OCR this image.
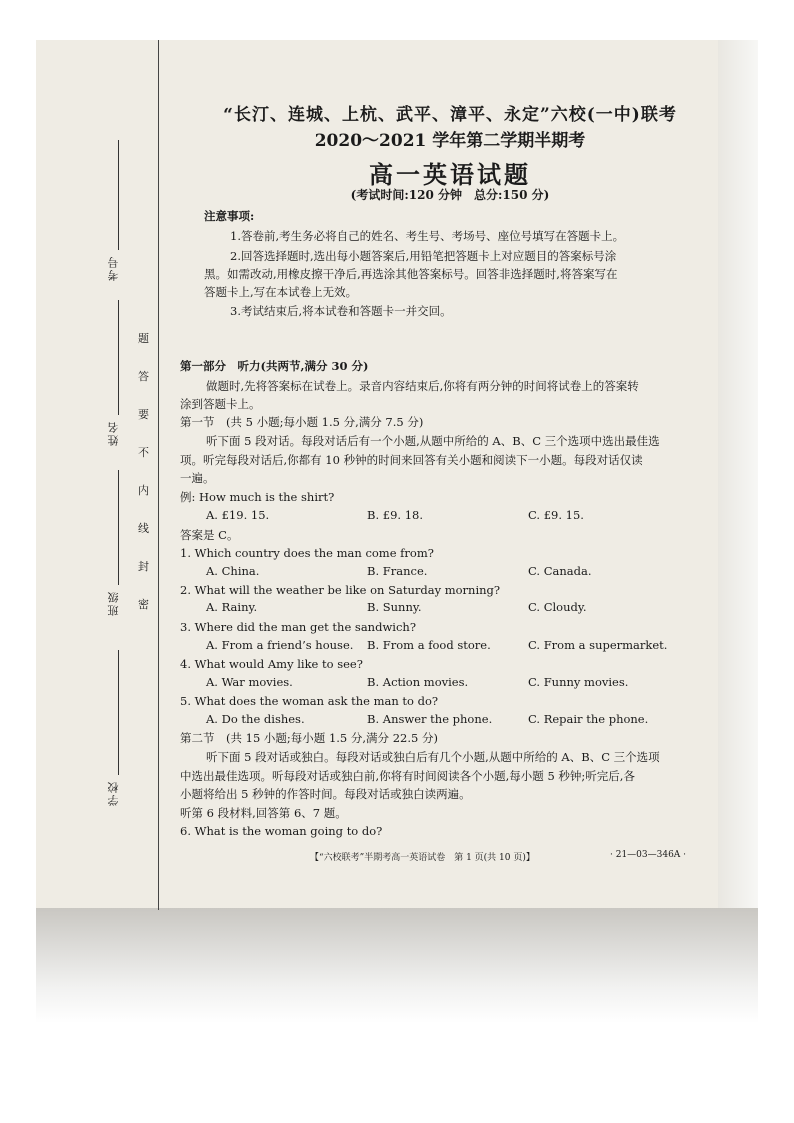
考号
姓名
班级
学校
题
答
要
不
内
线
封
密
“长汀、连城、上杭、武平、漳平、永定”六校(一中)联考
2020～2021 学年第二学期半期考
高一英语试题
(考试时间:120 分钟　总分:150 分)
注意事项:
1.答卷前,考生务必将自己的姓名、考生号、考场号、座位号填写在答题卡上。
2.回答选择题时,选出每小题答案后,用铅笔把答题卡上对应题目的答案标号涂
黑。如需改动,用橡皮擦干净后,再选涂其他答案标号。回答非选择题时,将答案写在
答题卡上,写在本试卷上无效。
3.考试结束后,将本试卷和答题卡一并交回。
第一部分　听力(共两节,满分 30 分)
做题时,先将答案标在试卷上。录音内容结束后,你将有两分钟的时间将试卷上的答案转
涂到答题卡上。
第一节　(共 5 小题;每小题 1.5 分,满分 7.5 分)
听下面 5 段对话。每段对话后有一个小题,从题中所给的 A、B、C 三个选项中选出最佳选
项。听完每段对话后,你都有 10 秒钟的时间来回答有关小题和阅读下一小题。每段对话仅读
一遍。
例: How much is the shirt?
A. £19. 15.	B. £9. 18.	C. £9. 15.
答案是 C。
1. Which country does the man come from?
A. China.	B. France.	C. Canada.
2. What will the weather be like on Saturday morning?
A. Rainy.	B. Sunny.	C. Cloudy.
3. Where did the man get the sandwich?
A. From a friend’s house. B. From a food store.	C. From a supermarket.
4. What would Amy like to see?
A. War movies.	B. Action movies.	C. Funny movies.
5. What does the woman ask the man to do?
A. Do the dishes.	B. Answer the phone.	C. Repair the phone.
第二节　(共 15 小题;每小题 1.5 分,满分 22.5 分)
听下面 5 段对话或独白。每段对话或独白后有几个小题,从题中所给的 A、B、C 三个选项
中选出最佳选项。听每段对话或独白前,你将有时间阅读各个小题,每小题 5 秒钟;听完后,各
小题将给出 5 秒钟的作答时间。每段对话或独白读两遍。
听第 6 段材料,回答第 6、7 题。
6. What is the woman going to do?
【“六校联考”半期考高一英语试卷　第 1 页(共 10 页)】	· 21—03—346A ·
